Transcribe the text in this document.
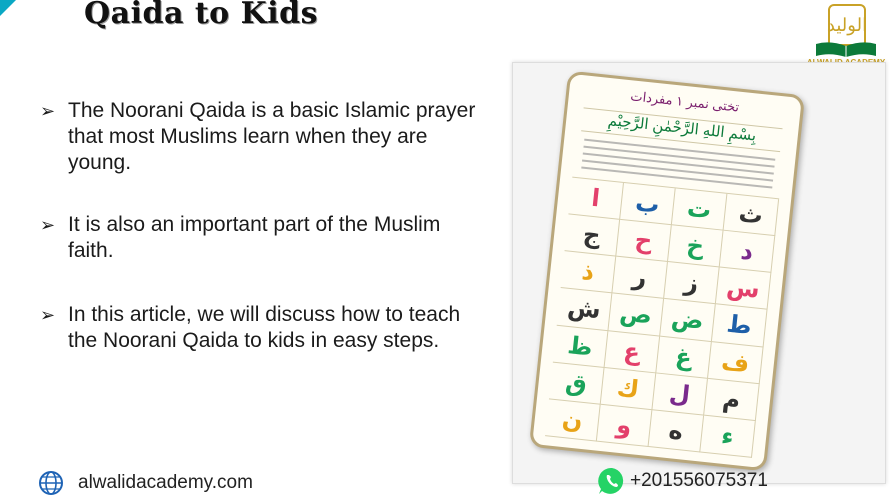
Qaida to Kids
➢ The Noorani Qaida is a basic Islamic prayer that most Muslims learn when they are young.
➢ It is also an important part of the Muslim faith.
➢ In this article, we will discuss how to teach the Noorani Qaida to kids in easy steps.
الوليد
تختی نمبر ١ مفردات
بِسْمِ اللهِ الرَّحْمٰنِ الرَّحِيْمِ
ا	ب	ت	ث
ج	ح	خ	د
ذ	ر	ز	س
ش ص ض ط
ظ	ع	غ	ف
ق	ك	ل	م
ن	و	ه	ء
alwalidacademy.com	+201556075371
